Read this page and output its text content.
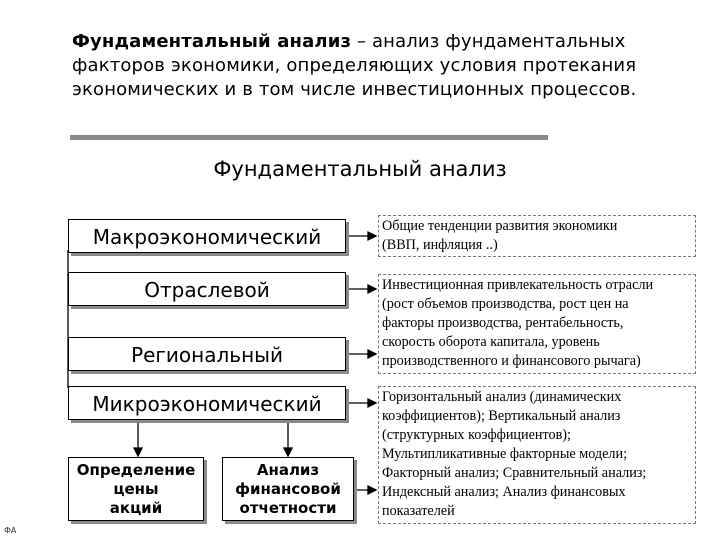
Фундаментальный анализ – анализ фундаментальных факторов экономики, определяющих условия протекания экономических и в том числе инвестиционных процессов.
Фундаментальный анализ
Макроэкономический
Отраслевой
Региональный
Микроэкономический
Определение
цены
акций
Анализ
финансовой
отчетности
Общие тенденции развития экономики
(ВВП, инфляция ..)
Инвестиционная привлекательность отрасли
(рост объемов производства, рост цен на
факторы производства, рентабельность,
скорость оборота капитала, уровень
производственного и финансового рычага)
Горизонтальный анализ (динамических
коэффициентов); Вертикальный анализ
(структурных коэффициентов);
Мультипликативные факторные модели;
Факторный анализ; Сравнительный анализ;
Индексный анализ; Анализ финансовых
показателей
ФА
